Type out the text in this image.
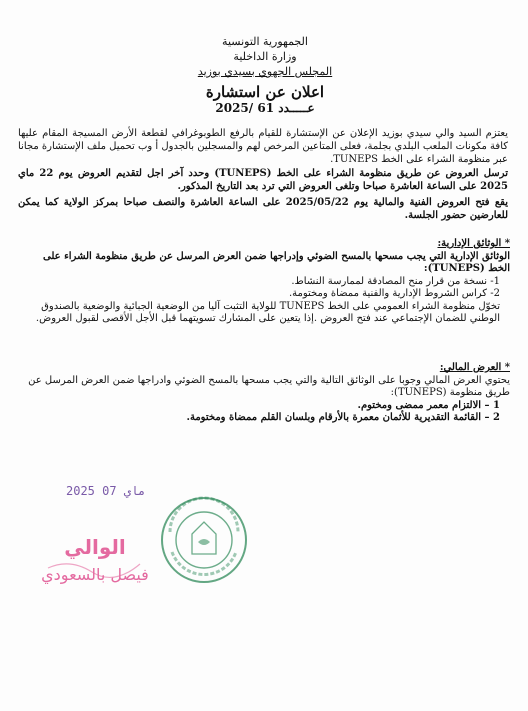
الجمهورية التونسية
وزارة الداخلية
المجلس الجهوي بسيدي بوزيد
اعلان عن استشارة
عـــــدد 61 /2025
يعتزم السيد والي سيدي بوزيد الإعلان عن الإستشارة للقيام بالرفع الطوبوغرافي لقطعة الأرض المسيجة المقام عليها كافة مكونات الملعب البلدي بجلمة، فعلى المتاعين المرخص لهم والمسجلين بالجدول أ وب تحميل ملف الإستشارة مجانا عبر منظومة الشراء على الخط TUNEPS.
ترسل العروض عن طريق منظومة الشراء على الخط (TUNEPS) وحدد آخر اجل لتقديم العروض يوم 22 ماي 2025 على الساعة العاشرة صباحا وتلغى العروض التي ترد بعد التاريخ المذكور.
يقع فتح العروض الفنية والمالية يوم 2025/05/22 على الساعة العاشرة والنصف صباحا بمركز الولاية كما يمكن للعارضين حضور الجلسة.
* الوثائق الإدارية:
الوثائق الإدارية التي يجب مسحها بالمسح الضوئي وإدراجها ضمن العرض المرسل عن طريق منظومة الشراء على الخط (TUNEPS):
1- نسخة من قرار منح المصادقة لممارسة النشاط.
2- كراس الشروط الإدارية والفنية ممضاة ومختومة.
تخوّل منظومة الشراء العمومي على الخط TUNEPS للولاية التثبت آليا من الوضعية الجبائية والوضعية بالصندوق الوطني للضمان الإجتماعي عند فتح العروض .إذا يتعين على المشارك تسويتهما قبل الأجل الأقصى لقبول العروض.
* العرض المالي:
يحتوي العرض المالي وجوبا على الوثائق التالية والتي يجب مسحها بالمسح الضوئي وادراجها ضمن العرض المرسل عن طريق منظومة (TUNEPS):
1 – الالتزام معمر ممضى ومختوم.
2 – القائمة التقديرية للأثمان معمرة بالأرقام وبلسان القلم ممضاة ومختومة.
2025 ماي 07
الوالي
فيصل بالسعودي
